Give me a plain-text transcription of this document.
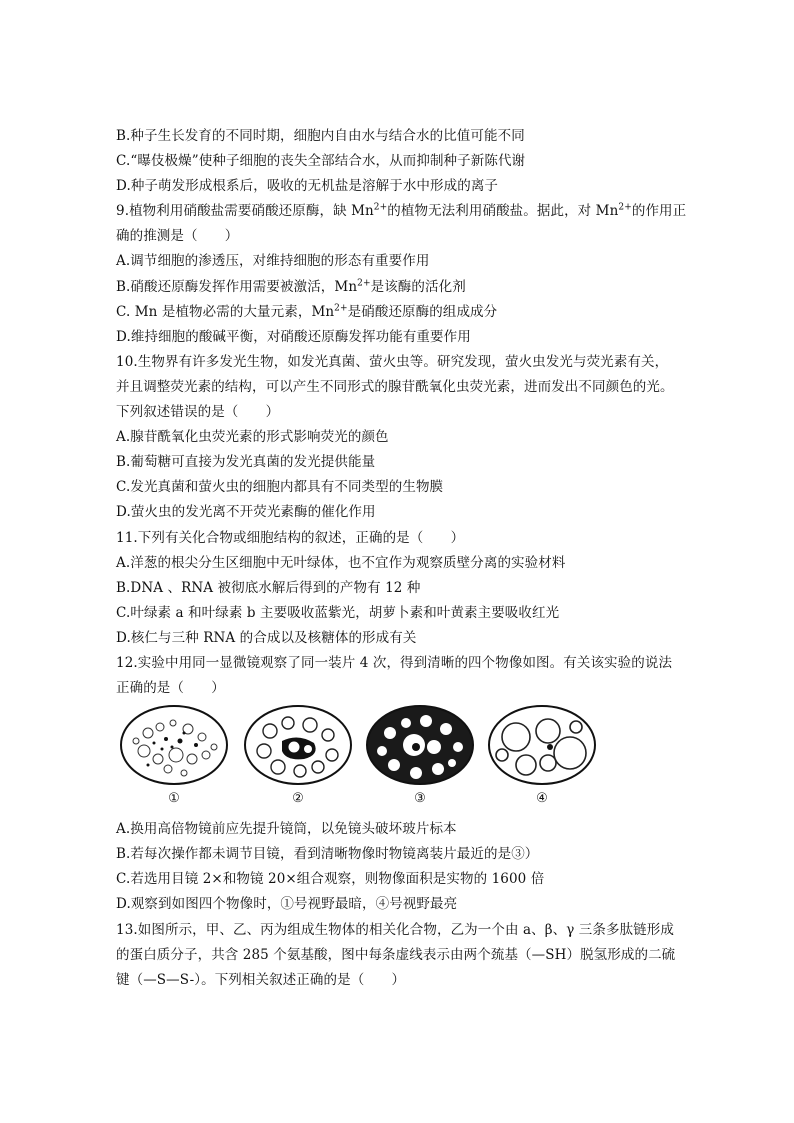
B.种子生长发育的不同时期，细胞内自由水与结合水的比值可能不同
C.“曝伎极燥”使种子细胞的丧失全部结合水，从而抑制种子新陈代谢
D.种子萌发形成根系后，吸收的无机盐是溶解于水中形成的离子
9.植物利用硝酸盐需要硝酸还原酶，缺 $Mn^{2+}$的植物无法利用硝酸盐。据此，对 $Mn^{2+}$的作用正
确的推测是（　　）
A.调节细胞的渗透压，对维持细胞的形态有重要作用
B.硝酸还原酶发挥作用需要被激活，$Mn^{2+}$是该酶的活化剂
C. Mn 是植物必需的大量元素，$Mn^{2+}$是硝酸还原酶的组成成分
D.维持细胞的酸碱平衡，对硝酸还原酶发挥功能有重要作用
10.生物界有许多发光生物，如发光真菌、萤火虫等。研究发现，萤火虫发光与荧光素有关，
并且调整荧光素的结构，可以产生不同形式的腺苷酰氧化虫荧光素，进而发出不同颜色的光。
下列叙述错误的是（　　）
A.腺苷酰氧化虫荧光素的形式影响荧光的颜色
B.葡萄糖可直接为发光真菌的发光提供能量
C.发光真菌和萤火虫的细胞内都具有不同类型的生物膜
D.萤火虫的发光离不开荧光素酶的催化作用
11.下列有关化合物或细胞结构的叙述，正确的是（　　）
A.洋葱的根尖分生区细胞中无叶绿体，也不宜作为观察质壁分离的实验材料
B.DNA 、RNA 被彻底水解后得到的产物有 12 种
C.叶绿素 a 和叶绿素 b 主要吸收蓝紫光，胡萝卜素和叶黄素主要吸收红光
D.核仁与三种 RNA 的合成以及核糖体的形成有关
12.实验中用同一显微镜观察了同一装片 4 次，得到清晰的四个物像如图。有关该实验的说法
正确的是（　　）
①	②	③	④
A.换用高倍物镜前应先提升镜筒，以免镜头破坏玻片标本
B.若每次操作都未调节目镜，看到清晰物像时物镜离装片最近的是③）
C.若选用目镜 2×和物镜 20×组合观察，则物像面积是实物的 1600 倍
D.观察到如图四个物像时，①号视野最暗，④号视野最亮
13.如图所示，甲、乙、丙为组成生物体的相关化合物，乙为一个由 a、β、γ 三条多肽链形成
的蛋白质分子，共含 285 个氨基酸，图中每条虚线表示由两个巯基（—SH）脱氢形成的二硫
键（—S—S-）。下列相关叙述正确的是（　　）
